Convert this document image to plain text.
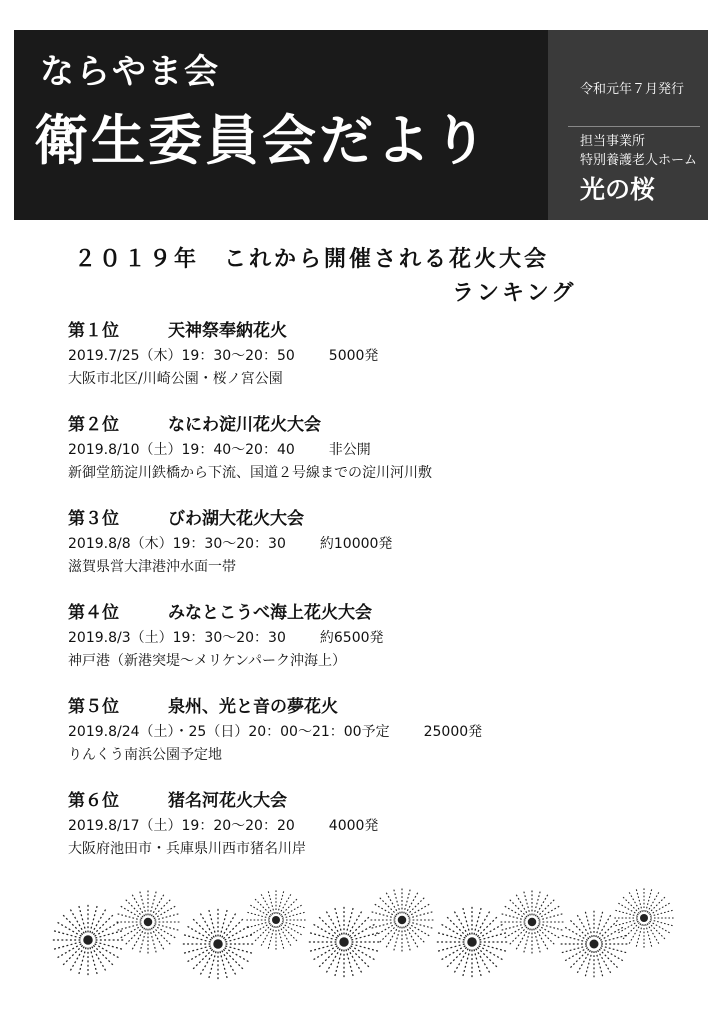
ならやま会
衛生委員会だより
令和元年７月発行
担当事業所
特別養護老人ホーム
光の桜
２０１９年　これから開催される花火大会
ランキング
第１位	天神祭奉納花火
2019.7/25（木）19：30〜20：50 5000発
大阪市北区/川崎公園・桜ノ宮公園
第２位	なにわ淀川花火大会
2019.8/10（土）19：40〜20：40 非公開
新御堂筋淀川鉄橋から下流、国道２号線までの淀川河川敷
第３位	びわ湖大花火大会
2019.8/8（木）19：30〜20：30 約10000発
滋賀県営大津港沖水面一帯
第４位	みなとこうべ海上花火大会
2019.8/3（土）19：30〜20：30 約6500発
神戸港（新港突堤〜メリケンパーク沖海上）
第５位	泉州、光と音の夢花火
2019.8/24（土）・25（日）20：00〜21：00予定 25000発
りんくう南浜公園予定地
第６位	猪名河花火大会
2019.8/17（土）19：20〜20：20 4000発
大阪府池田市・兵庫県川西市猪名川岸
